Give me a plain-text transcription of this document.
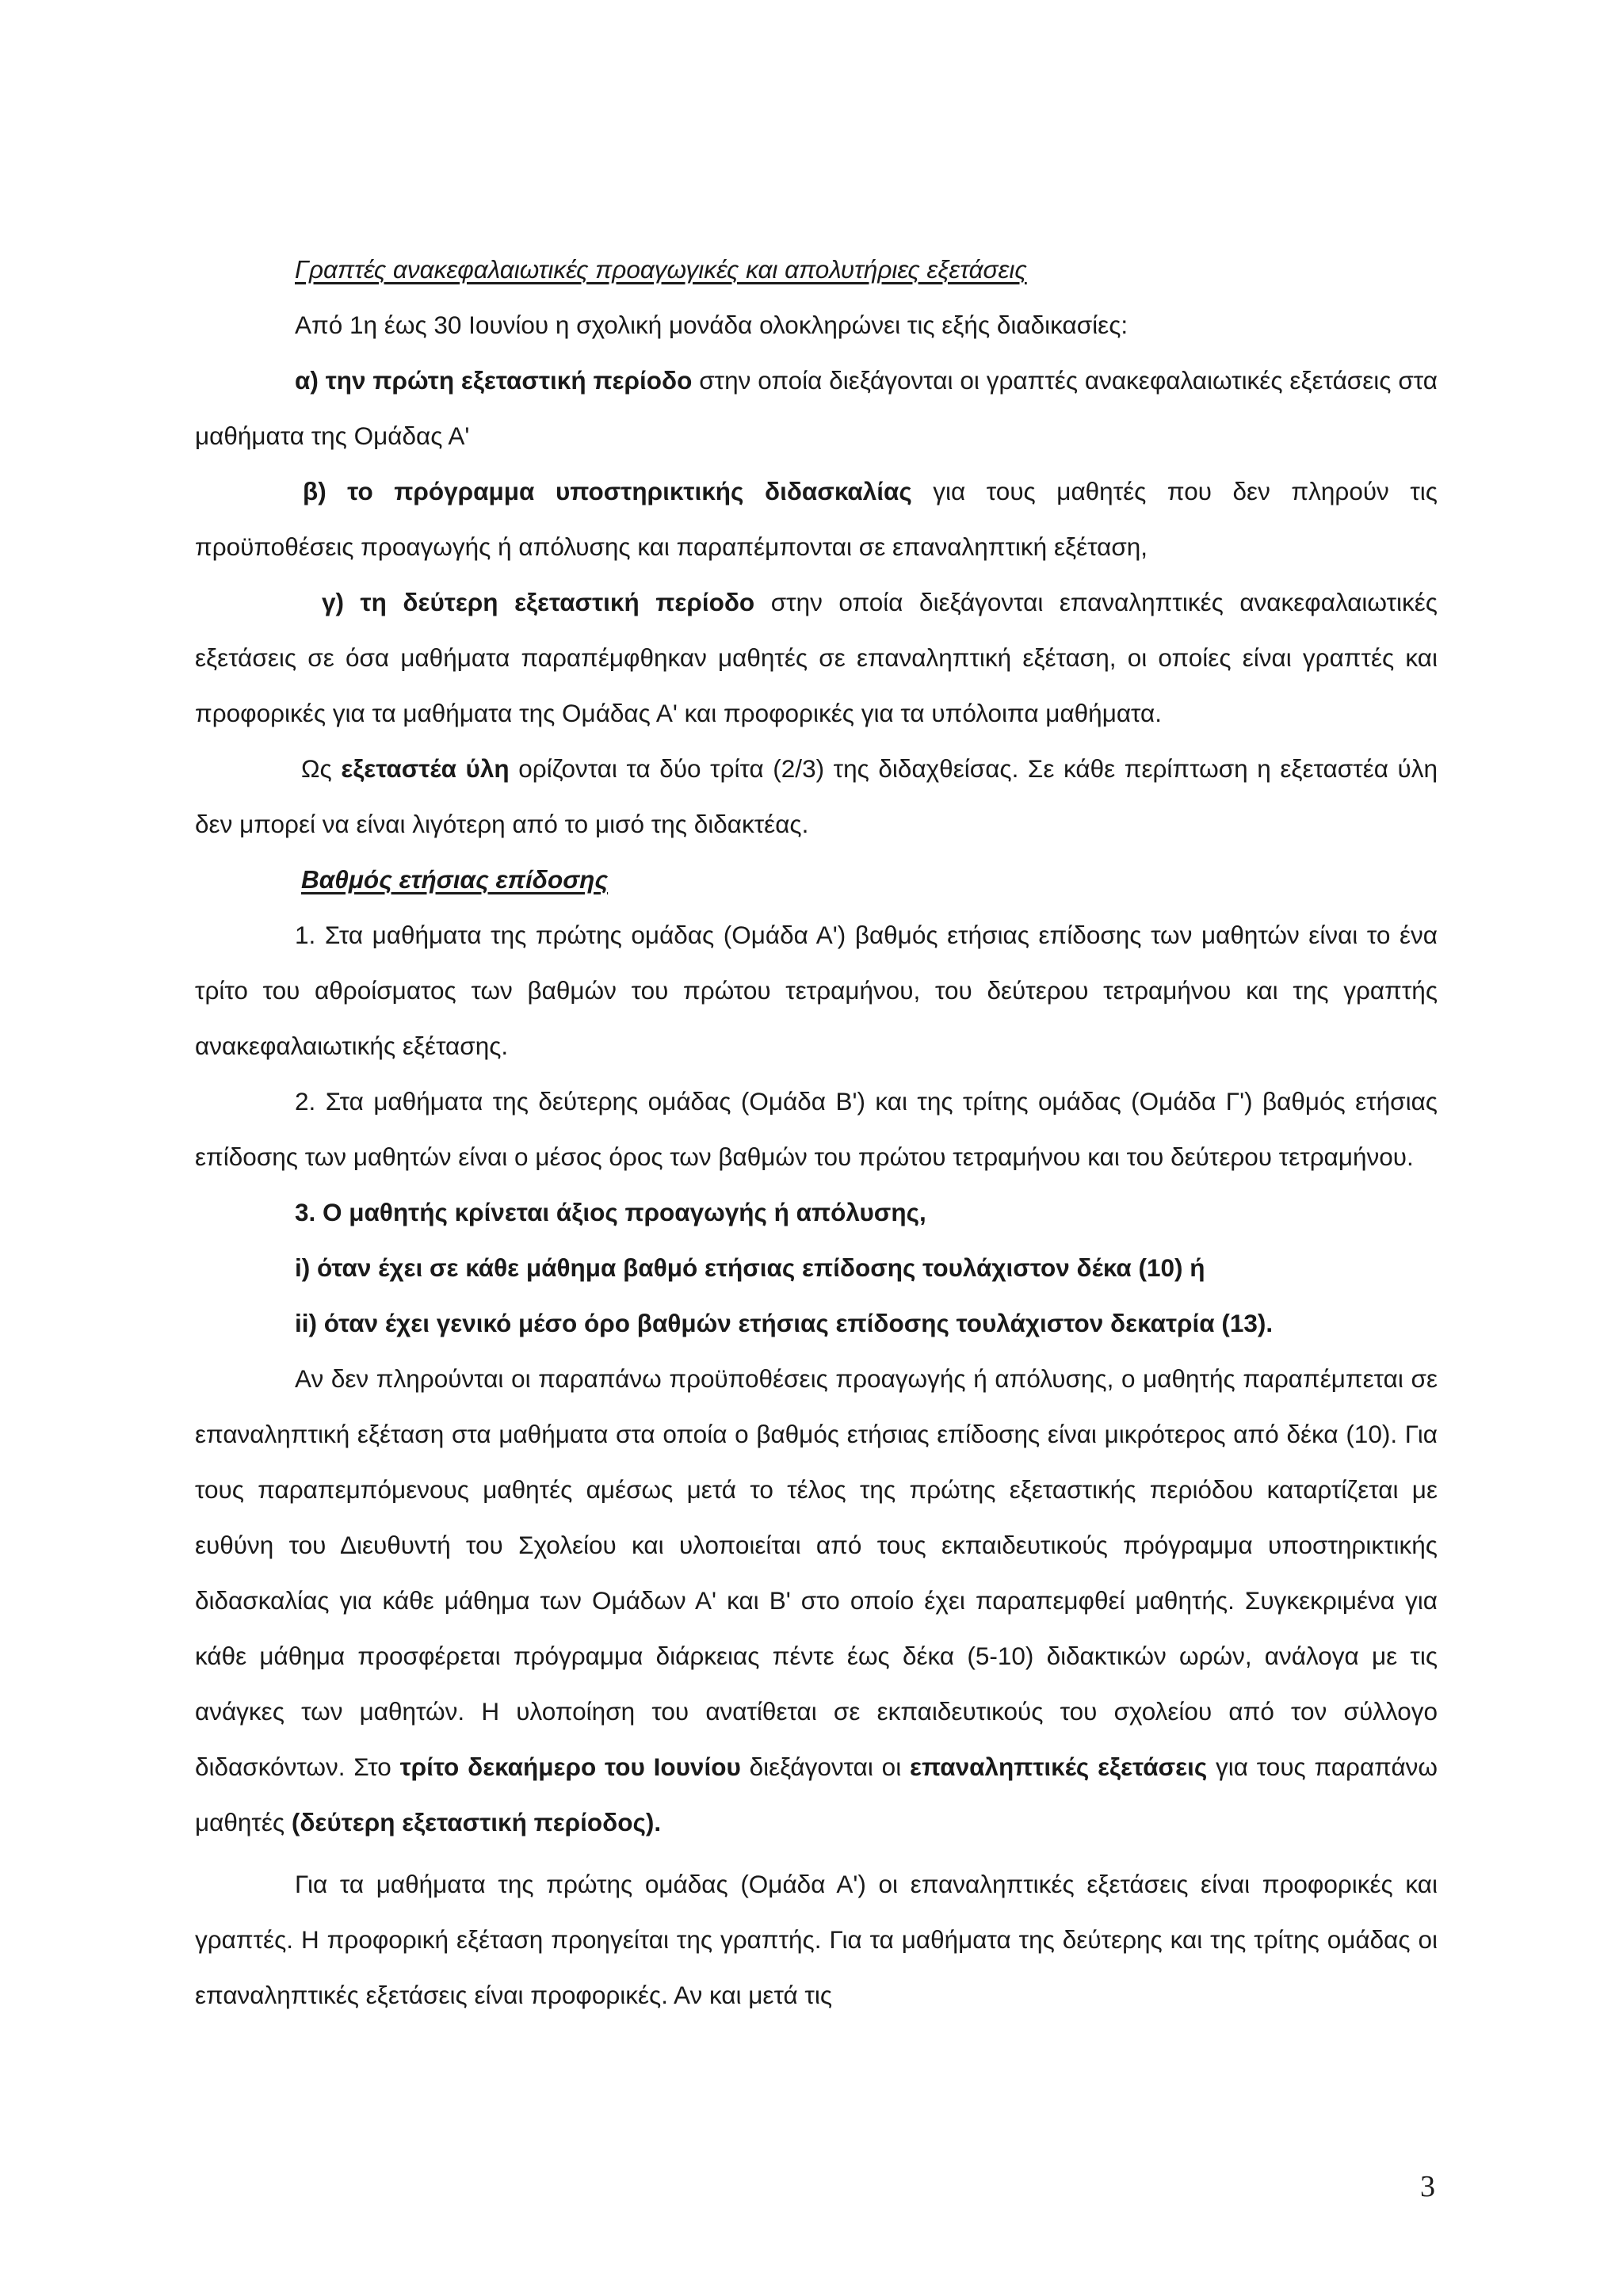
Γραπτές ανακεφαλαιωτικές προαγωγικές και απολυτήριες εξετάσεις

Από 1η έως 30 Ιουνίου η σχολική μονάδα ολοκληρώνει τις εξής διαδικασίες:

α) την πρώτη εξεταστική περίοδο στην οποία διεξάγονται οι γραπτές ανακεφαλαιωτικές εξετάσεις στα μαθήματα της Ομάδας Α'

β) το πρόγραμμα υποστηρικτικής διδασκαλίας για τους μαθητές που δεν πληρούν τις προϋποθέσεις προαγωγής ή απόλυσης και παραπέμπονται σε επαναληπτική εξέταση,

γ) τη δεύτερη εξεταστική περίοδο στην οποία διεξάγονται επαναληπτικές ανακεφαλαιωτικές εξετάσεις σε όσα μαθήματα παραπέμφθηκαν μαθητές σε επαναληπτική εξέταση, οι οποίες είναι γραπτές και προφορικές για τα μαθήματα της Ομάδας Α' και προφορικές για τα υπόλοιπα μαθήματα.

Ως εξεταστέα ύλη ορίζονται τα δύο τρίτα (2/3) της διδαχθείσας. Σε κάθε περίπτωση η εξεταστέα ύλη δεν μπορεί να είναι λιγότερη από το μισό της διδακτέας.

Βαθμός ετήσιας επίδοσης

1. Στα μαθήματα της πρώτης ομάδας (Ομάδα Α') βαθμός ετήσιας επίδοσης των μαθητών είναι το ένα τρίτο του αθροίσματος των βαθμών του πρώτου τετραμήνου, του δεύτερου τετραμήνου και της γραπτής ανακεφαλαιωτικής εξέτασης.

2. Στα μαθήματα της δεύτερης ομάδας (Ομάδα Β') και της τρίτης ομάδας (Ομάδα Γ') βαθμός ετήσιας επίδοσης των μαθητών είναι ο μέσος όρος των βαθμών του πρώτου τετραμήνου και του δεύτερου τετραμήνου.

3. Ο μαθητής κρίνεται άξιος προαγωγής ή απόλυσης,

i) όταν έχει σε κάθε μάθημα βαθμό ετήσιας επίδοσης τουλάχιστον δέκα (10) ή

ii) όταν έχει γενικό μέσο όρο βαθμών ετήσιας επίδοσης τουλάχιστον δεκατρία (13).

Αν δεν πληρούνται οι παραπάνω προϋποθέσεις προαγωγής ή απόλυσης, ο μαθητής παραπέμπεται σε επαναληπτική εξέταση στα μαθήματα στα οποία ο βαθμός ετήσιας επίδοσης είναι μικρότερος από δέκα (10). Για τους παραπεμπόμενους μαθητές αμέσως μετά το τέλος της πρώτης εξεταστικής περιόδου καταρτίζεται με ευθύνη του Διευθυντή του Σχολείου και υλοποιείται από τους εκπαιδευτικούς πρόγραμμα υποστηρικτικής διδασκαλίας για κάθε μάθημα των Ομάδων Α' και Β' στο οποίο έχει παραπεμφθεί μαθητής. Συγκεκριμένα για κάθε μάθημα προσφέρεται πρόγραμμα διάρκειας πέντε έως δέκα (5-10) διδακτικών ωρών, ανάλογα με τις ανάγκες των μαθητών. Η υλοποίηση του ανατίθεται σε εκπαιδευτικούς του σχολείου από τον σύλλογο διδασκόντων. Στο τρίτο δεκαήμερο του Ιουνίου διεξάγονται οι επαναληπτικές εξετάσεις για τους παραπάνω μαθητές (δεύτερη εξεταστική περίοδος).

Για τα μαθήματα της πρώτης ομάδας (Ομάδα Α') οι επαναληπτικές εξετάσεις είναι προφορικές και γραπτές. Η προφορική εξέταση προηγείται της γραπτής. Για τα μαθήματα της δεύτερης και της τρίτης ομάδας οι επαναληπτικές εξετάσεις είναι προφορικές. Αν και μετά τις

3
